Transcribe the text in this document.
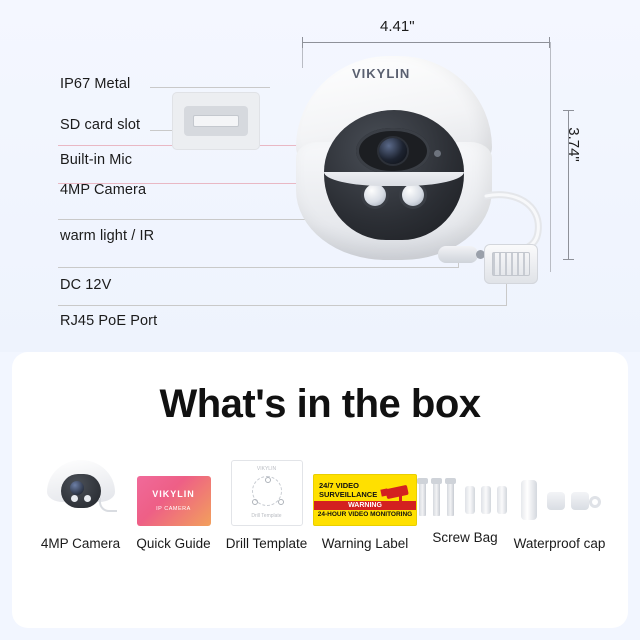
4.41"
3.74"
IP67 Metal
SD card slot
Built-in Mic
4MP Camera
warm light / IR
DC 12V
RJ45 PoE Port
VIKYLIN
What's in the box
4MP Camera
VIKYLIN
IP CAMERA
Quick Guide
VIKYLIN
Drill Template
Drill Template
24/7 VIDEO
SURVEILLANCE
WARNING
24-HOUR VIDEO MONITORING
Warning Label	Screw Bag	Waterproof cap
